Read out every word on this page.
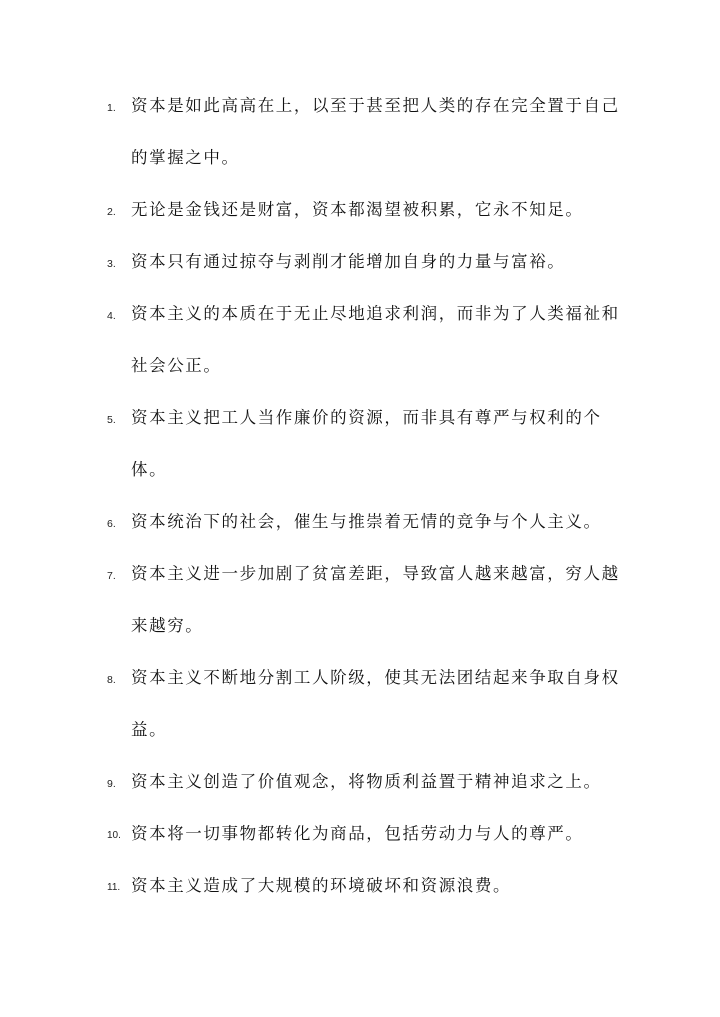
1. 资本是如此高高在上，以至于甚至把人类的存在完全置于自己的掌握之中。
2. 无论是金钱还是财富，资本都渴望被积累，它永不知足。
3. 资本只有通过掠夺与剥削才能增加自身的力量与富裕。
4. 资本主义的本质在于无止尽地追求利润，而非为了人类福祉和社会公正。
5. 资本主义把工人当作廉价的资源，而非具有尊严与权利的个体。
6. 资本统治下的社会，催生与推崇着无情的竞争与个人主义。
7. 资本主义进一步加剧了贫富差距，导致富人越来越富，穷人越来越穷。
8. 资本主义不断地分割工人阶级，使其无法团结起来争取自身权益。
9. 资本主义创造了价值观念，将物质利益置于精神追求之上。
10. 资本将一切事物都转化为商品，包括劳动力与人的尊严。
11. 资本主义造成了大规模的环境破坏和资源浪费。
